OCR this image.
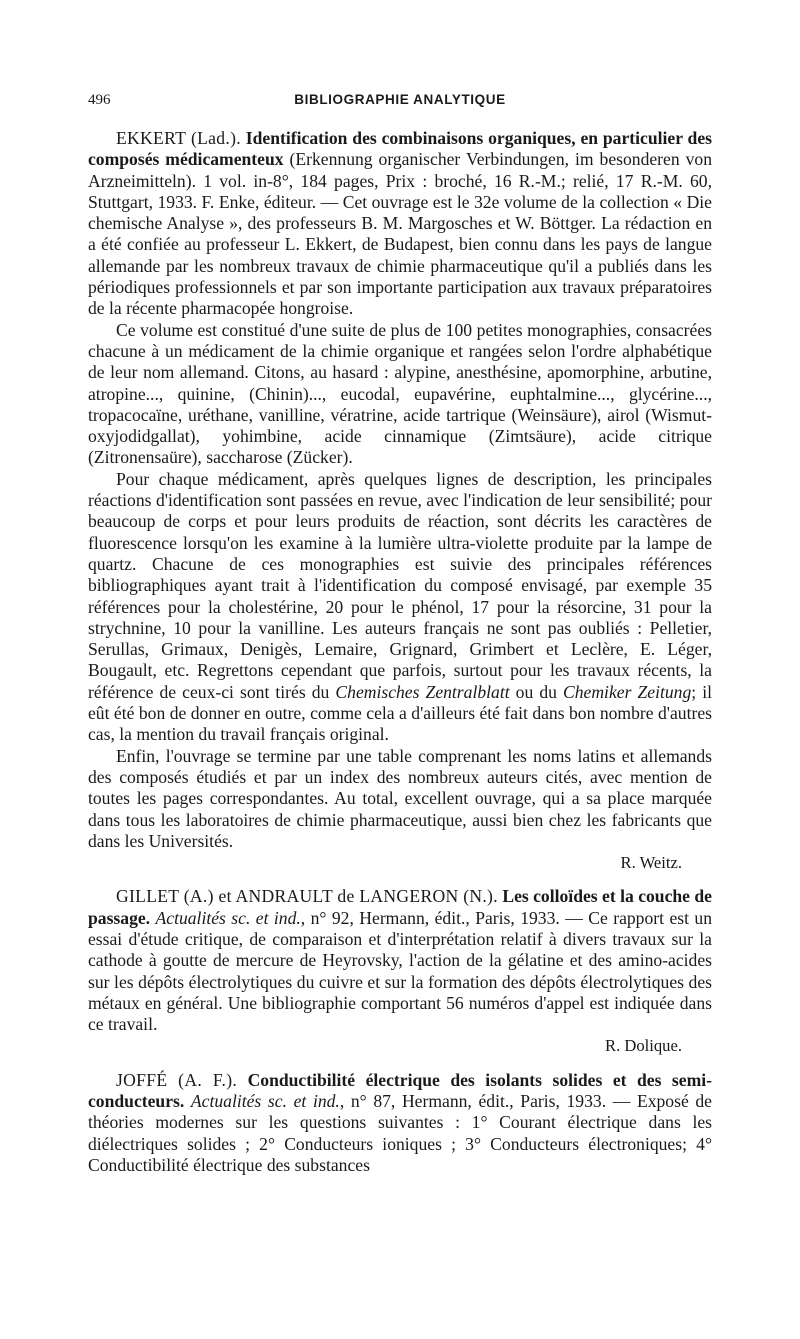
496	BIBLIOGRAPHIE ANALYTIQUE

EKKERT (Lad.). Identification des combinaisons organiques, en particulier des composés médicamenteux (Erkennung organischer Verbindungen, im besonderen von Arzneimitteln). 1 vol. in-8°, 184 pages, Prix : broché, 16 R.-M.; relié, 17 R.-M. 60, Stuttgart, 1933. F. Enke, éditeur. — Cet ouvrage est le 32e volume de la collection « Die chemische Analyse », des professeurs B. M. Margosches et W. Böttger. La rédaction en a été confiée au professeur L. Ekkert, de Budapest, bien connu dans les pays de langue allemande par les nombreux travaux de chimie pharmaceutique qu'il a publiés dans les périodiques professionnels et par son importante participation aux travaux préparatoires de la récente pharmacopée hongroise.

Ce volume est constitué d'une suite de plus de 100 petites monographies, consacrées chacune à un médicament de la chimie organique et rangées selon l'ordre alphabétique de leur nom allemand. Citons, au hasard : alypine, anesthésine, apomorphine, arbutine, atropine..., quinine, (Chinin)..., eucodal, eupavérine, euphtalmine..., glycérine..., tropacocaïne, uréthane, vanilline, vératrine, acide tartrique (Weinsäure), airol (Wismut-oxyjodidgallat), yohimbine, acide cinnamique (Zimtsäure), acide citrique (Zitronensaüre), saccharose (Zücker).

Pour chaque médicament, après quelques lignes de description, les principales réactions d'identification sont passées en revue, avec l'indication de leur sensibilité; pour beaucoup de corps et pour leurs produits de réaction, sont décrits les caractères de fluorescence lorsqu'on les examine à la lumière ultra-violette produite par la lampe de quartz. Chacune de ces monographies est suivie des principales références bibliographiques ayant trait à l'identification du composé envisagé, par exemple 35 références pour la cholestérine, 20 pour le phénol, 17 pour la résorcine, 31 pour la strychnine, 10 pour la vanilline. Les auteurs français ne sont pas oubliés : Pelletier, Serullas, Grimaux, Denigès, Lemaire, Grignard, Grimbert et Leclère, E. Léger, Bougault, etc. Regrettons cependant que parfois, surtout pour les travaux récents, la référence de ceux-ci sont tirés du Chemisches Zentralblatt ou du Chemiker Zeitung; il eût été bon de donner en outre, comme cela a d'ailleurs été fait dans bon nombre d'autres cas, la mention du travail français original.

Enfin, l'ouvrage se termine par une table comprenant les noms latins et allemands des composés étudiés et par un index des nombreux auteurs cités, avec mention de toutes les pages correspondantes. Au total, excellent ouvrage, qui a sa place marquée dans tous les laboratoires de chimie pharmaceutique, aussi bien chez les fabricants que dans les Universités.

R. Weitz.

GILLET (A.) et ANDRAULT de LANGERON (N.). Les colloïdes et la couche de passage. Actualités sc. et ind., n° 92, Hermann, édit., Paris, 1933. — Ce rapport est un essai d'étude critique, de comparaison et d'interprétation relatif à divers travaux sur la cathode à goutte de mercure de Heyrovsky, l'action de la gélatine et des amino-acides sur les dépôts électrolytiques du cuivre et sur la formation des dépôts électrolytiques des métaux en général. Une bibliographie comportant 56 numéros d'appel est indiquée dans ce travail.

R. Dolique.

JOFFÉ (A. F.). Conductibilité électrique des isolants solides et des semi-conducteurs. Actualités sc. et ind., n° 87, Hermann, édit., Paris, 1933. — Exposé de théories modernes sur les questions suivantes : 1° Courant électrique dans les diélectriques solides ; 2° Conducteurs ioniques ; 3° Conducteurs électroniques; 4° Conductibilité électrique des substances
